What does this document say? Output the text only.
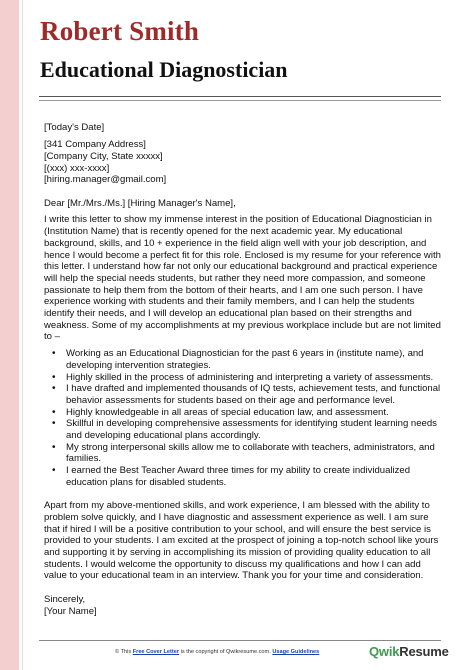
Robert Smith
Educational Diagnostician

[Today's Date]

[341 Company Address]

[Company City, State xxxxx]

[(xxx) xxx-xxxx]

[hiring.manager@gmail.com]

Dear [Mr./Mrs./Ms.] [Hiring Manager's Name],

I write this letter to show my immense interest in the position of Educational Diagnostician in (Institution Name) that is recently opened for the next academic year. My educational background, skills, and 10 + experience in the field align well with your job description, and hence I would become a perfect fit for this role. Enclosed is my resume for your reference with this letter. I understand how far not only our educational background and practical experience will help the special needs students, but rather they need more compassion, and someone passionate to help them from the bottom of their hearts, and I am one such person. I have experience working with students and their family members, and I can help the students identify their needs, and I will develop an educational plan based on their strengths and weakness. Some of my accomplishments at my previous workplace include but are not limited to –

• Working as an Educational Diagnostician for the past 6 years in (institute name), and developing intervention strategies.
• Highly skilled in the process of administering and interpreting a variety of assessments.
• I have drafted and implemented thousands of IQ tests, achievement tests, and functional behavior assessments for students based on their age and performance level.
• Highly knowledgeable in all areas of special education law, and assessment.
• Skillful in developing comprehensive assessments for identifying student learning needs and developing educational plans accordingly.
• My strong interpersonal skills allow me to collaborate with teachers, administrators, and families.
• I earned the Best Teacher Award three times for my ability to create individualized education plans for disabled students.

Apart from my above-mentioned skills, and work experience, I am blessed with the ability to problem solve quickly, and I have diagnostic and assessment experience as well. I am sure that if hired I will be a positive contribution to your school, and will ensure the best service is provided to your students. I am excited at the prospect of joining a top-notch school like yours and supporting it by serving in accomplishing its mission of providing quality education to all students. I would welcome the opportunity to discuss my qualifications and how I can add value to your educational team in an interview. Thank you for your time and consideration.

Sincerely,

[Your Name]

© This Free Cover Letter is the copyright of Qwikresume.com. Usage Guidelines	QwikResume
